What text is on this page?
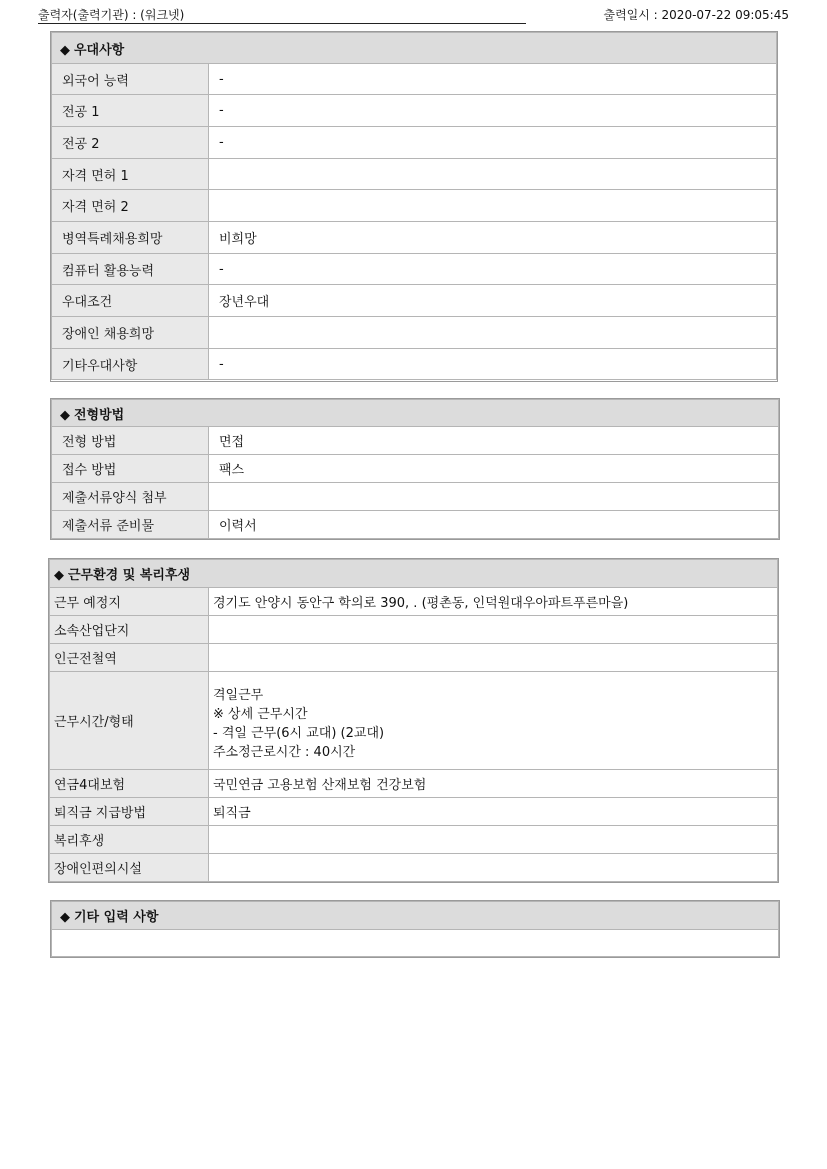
출력자(출력기관) : (워크넷)	출력일시 : 2020-07-22 09:05:45
◆ 우대사항	
외국어 능력	-
전공 1	-
전공 2	-
자격 면허 1	
자격 면허 2	
병역특례채용희망	비희망
컴퓨터 활용능력	-
우대조건	장년우대
장애인 채용희망	
기타우대사항	-
◆ 전형방법	
전형 방법	면접
접수 방법	팩스
제출서류양식 첨부	
제출서류 준비물	이력서
◆ 근무환경 및 복리후생	
근무 예정지	경기도 안양시 동안구 학의로 390, . (평촌동, 인덕원대우아파트푸른마을)
소속산업단지	
인근전철역	
근무시간/형태	격일근무
※ 상세 근무시간
- 격일 근무(6시 교대) (2교대)
주소정근로시간 : 40시간

연금4대보험	국민연금 고용보험 산재보험 건강보험
퇴직금 지급방법	퇴직금
복리후생	
장애인편의시설	
◆ 기타 입력 사항
